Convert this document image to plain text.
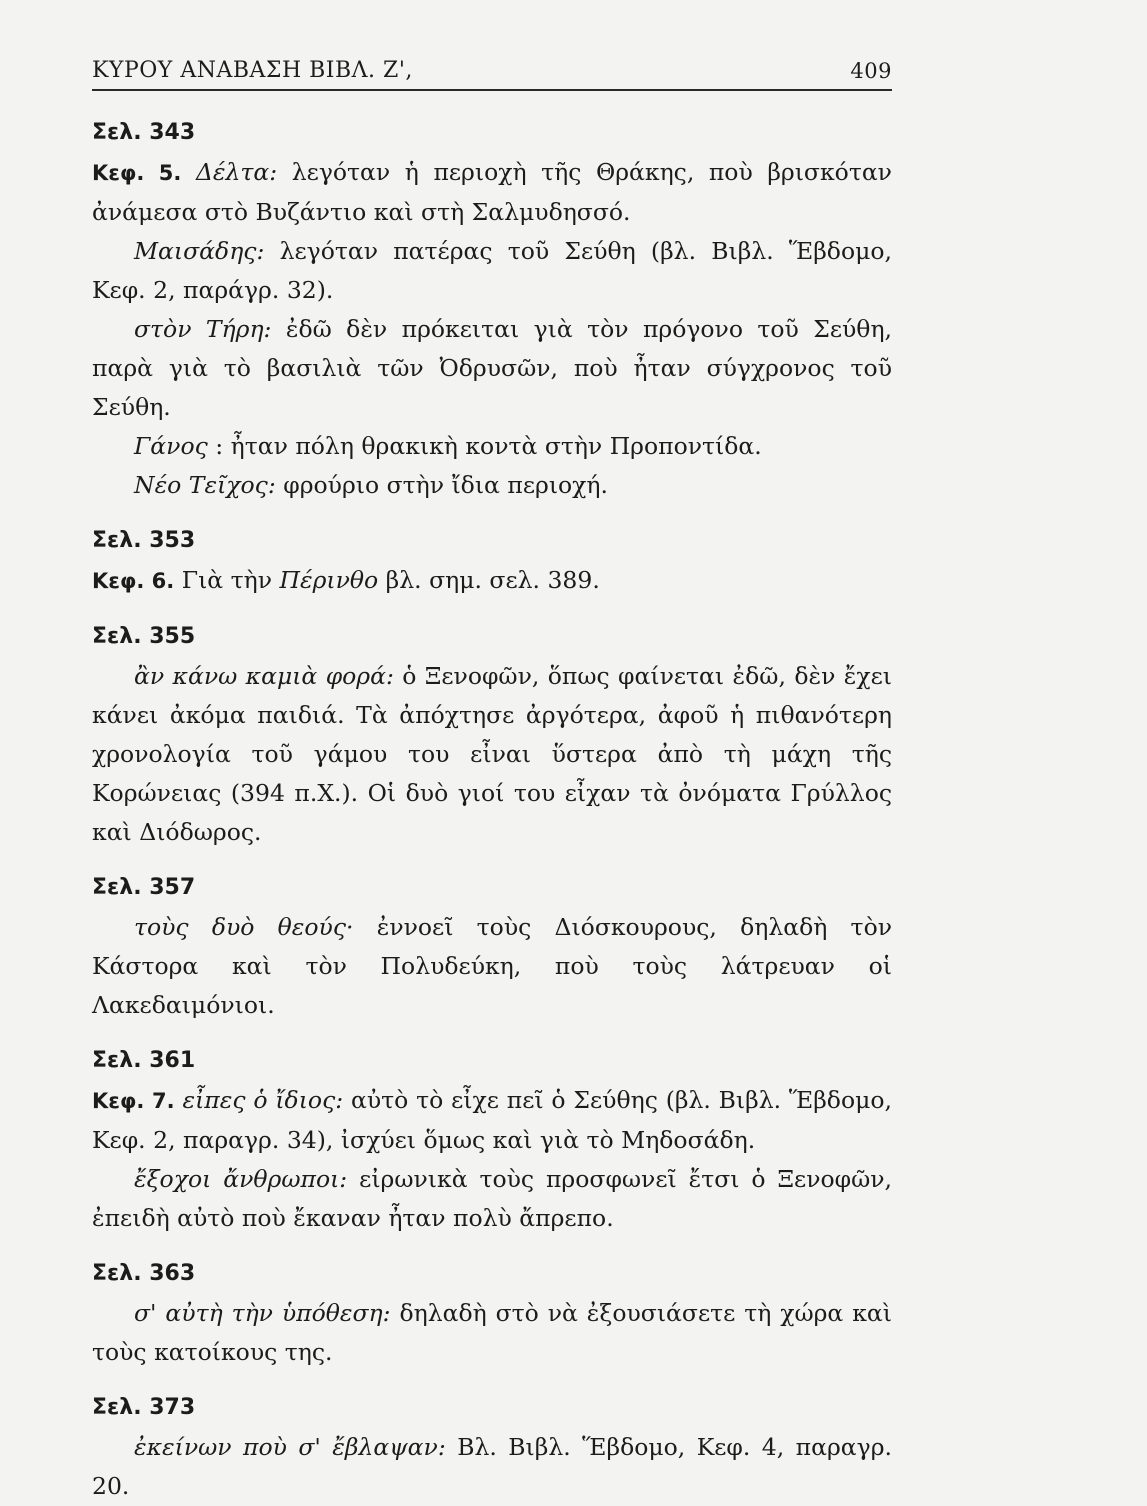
ΚΥΡΟΥ ΑΝΑΒΑΣΗ ΒΙΒΛ. Ζ',	409
Σελ. 343
Κεφ. 5. Δέλτα: λεγόταν ἡ περιοχὴ τῆς Θράκης, ποὺ βρισκόταν ἀνάμεσα στὸ Βυζάντιο καὶ στὴ Σαλμυδησσό.
Μαισάδης: λεγόταν πατέρας τοῦ Σεύθη (βλ. Βιβλ. Ἕβδομο, Κεφ. 2, παράγρ. 32).
στὸν Τήρη: ἐδῶ δὲν πρόκειται γιὰ τὸν πρόγονο τοῦ Σεύθη, παρὰ γιὰ τὸ βασιλιὰ τῶν Ὀδρυσῶν, ποὺ ἦταν σύγχρονος τοῦ Σεύθη.
Γάνος : ἦταν πόλη θρακικὴ κοντὰ στὴν Προποντίδα.
Νέο Τεῖχος: φρούριο στὴν ἴδια περιοχή.
Σελ. 353
Κεφ. 6. Γιὰ τὴν Πέρινθο βλ. σημ. σελ. 389.
Σελ. 355
ἂν κάνω καμιὰ φορά: ὁ Ξενοφῶν, ὅπως φαίνεται ἐδῶ, δὲν ἔχει κάνει ἀκόμα παιδιά. Τὰ ἀπόχτησε ἀργότερα, ἀφοῦ ἡ πιθανότερη χρονολογία τοῦ γάμου του εἶναι ὕστερα ἀπὸ τὴ μάχη τῆς Κορώνειας (394 π.Χ.). Οἱ δυὸ γιοί του εἶχαν τὰ ὀνόματα Γρύλλος καὶ Διόδωρος.
Σελ. 357
τοὺς δυὸ θεούς· ἐννοεῖ τοὺς Διόσκουρους, δηλαδὴ τὸν Κάστορα καὶ τὸν Πολυδεύκη, ποὺ τοὺς λάτρευαν οἱ Λακεδαιμόνιοι.
Σελ. 361
Κεφ. 7. εἶπες ὁ ἴδιος: αὐτὸ τὸ εἶχε πεῖ ὁ Σεύθης (βλ. Βιβλ. Ἕβδομο, Κεφ. 2, παραγρ. 34), ἰσχύει ὅμως καὶ γιὰ τὸ Μηδοσάδη.
ἔξοχοι ἄνθρωποι: εἰρωνικὰ τοὺς προσφωνεῖ ἔτσι ὁ Ξενοφῶν, ἐπειδὴ αὐτὸ ποὺ ἔκαναν ἦταν πολὺ ἄπρεπο.
Σελ. 363
σ' αὐτὴ τὴν ὑπόθεση: δηλαδὴ στὸ νὰ ἐξουσιάσετε τὴ χώρα καὶ τοὺς κατοίκους της.
Σελ. 373
ἐκείνων ποὺ σ' ἔβλαψαν: Βλ. Βιβλ. Ἕβδομο, Κεφ. 4, παραγρ. 20.
